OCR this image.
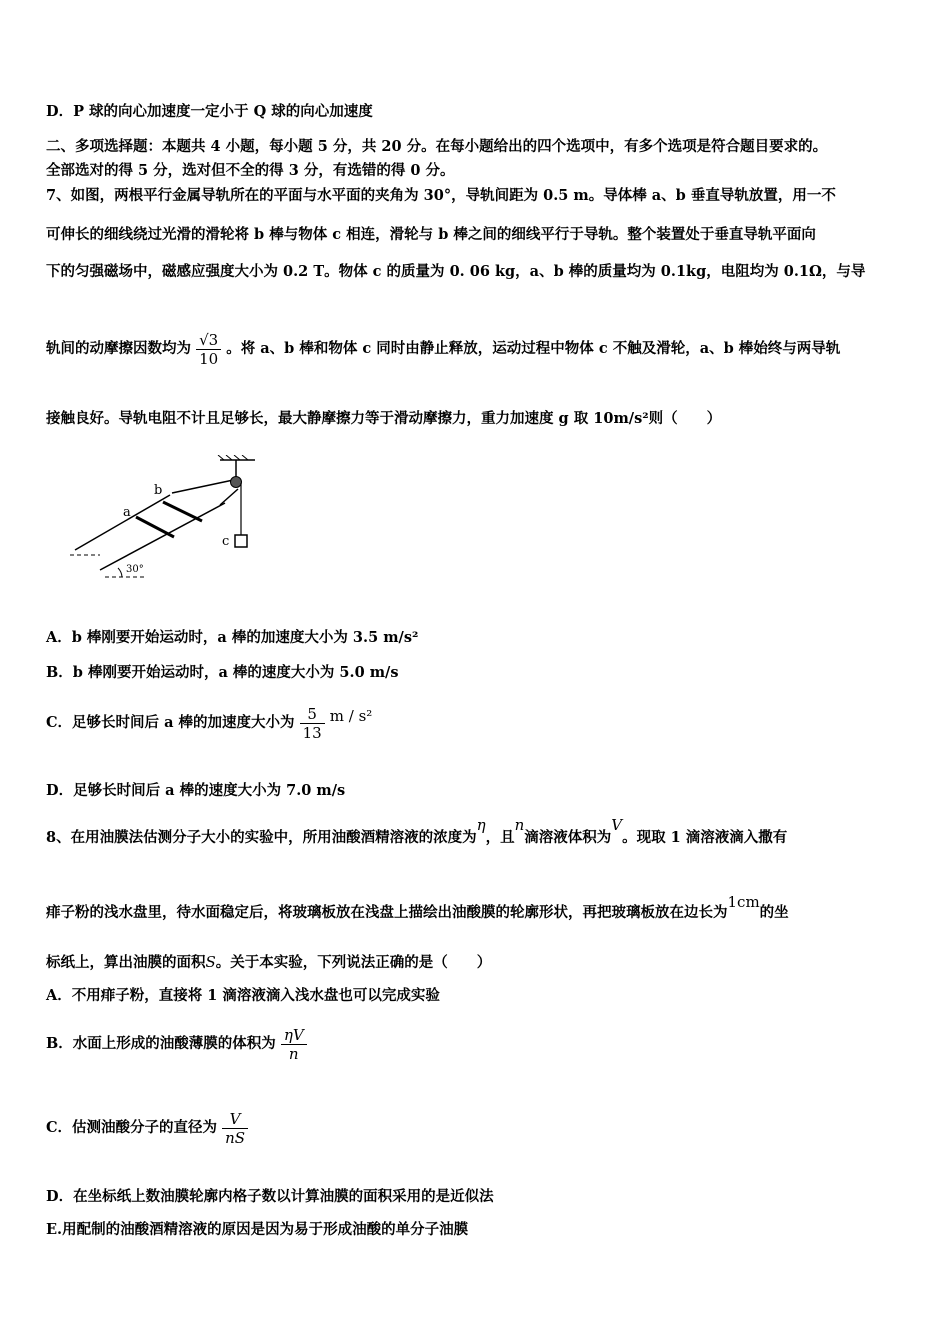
D．P 球的向心加速度一定小于 Q 球的向心加速度
二、多项选择题：本题共 4 小题，每小题 5 分，共 20 分。在每小题给出的四个选项中，有多个选项是符合题目要求的。
全部选对的得 5 分，选对但不全的得 3 分，有选错的得 0 分。
7、如图，两根平行金属导轨所在的平面与水平面的夹角为 30°，导轨间距为 0.5 m。导体棒 a、b 垂直导轨放置，用一不
可伸长的细线绕过光滑的滑轮将 b 棒与物体 c 相连，滑轮与 b 棒之间的细线平行于导轨。整个装置处于垂直导轨平面向
下的匀强磁场中，磁感应强度大小为 0.2 T。物体 c 的质量为 0. 06 kg，a、b 棒的质量均为 0.1kg，电阻均为 0.1Ω，与导
轨间的动摩擦因数均为 $\frac{√3}{10}$ 。将 a、b 棒和物体 c 同时由静止释放，运动过程中物体 c 不触及滑轮，a、b 棒始终与两导轨
接触良好。导轨电阻不计且足够长，最大静摩擦力等于滑动摩擦力，重力加速度 g 取 10m/s²则（　　）
a
b
c
30°
A．b 棒刚要开始运动时，a 棒的加速度大小为 3.5 m/s²
B．b 棒刚要开始运动时，a 棒的速度大小为 5.0 m/s
C．足够长时间后 a 棒的加速度大小为 $\frac{5}{13}$ m / s²
D．足够长时间后 a 棒的速度大小为 7.0 m/s
8、在用油膜法估测分子大小的实验中，所用油酸酒精溶液的浓度为η，且n滴溶液体积为V。现取 1 滴溶液滴入撒有
痱子粉的浅水盘里，待水面稳定后，将玻璃板放在浅盘上描绘出油酸膜的轮廓形状，再把玻璃板放在边长为1cm的坐
标纸上，算出油膜的面积S。关于本实验，下列说法正确的是（　　）
A．不用痱子粉，直接将 1 滴溶液滴入浅水盘也可以完成实验
B．水面上形成的油酸薄膜的体积为 $\frac{\eta V}{n}$
C．估测油酸分子的直径为 $\frac{V}{nS}$
D．在坐标纸上数油膜轮廓内格子数以计算油膜的面积采用的是近似法
E.用配制的油酸酒精溶液的原因是因为易于形成油酸的单分子油膜
